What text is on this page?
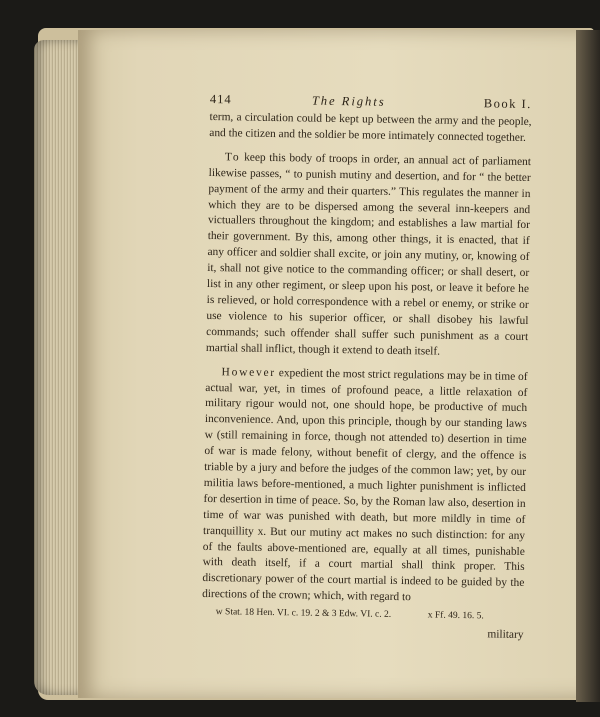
414	The Rights	Book I.

term, a circulation could be kept up between the army and the people, and the citizen and the soldier be more intimately connected together.

To keep this body of troops in order, an annual act of parliament likewise passes, “ to punish mutiny and desertion, and for “ the better payment of the army and their quarters.” This regulates the manner in which they are to be dispersed among the several inn-keepers and victuallers throughout the kingdom; and establishes a law martial for their government. By this, among other things, it is enacted, that if any officer and soldier shall excite, or join any mutiny, or, knowing of it, shall not give notice to the commanding officer; or shall desert, or list in any other regiment, or sleep upon his post, or leave it before he is relieved, or hold correspondence with a rebel or enemy, or strike or use violence to his superior officer, or shall disobey his lawful commands; such offender shall suffer such punishment as a court martial shall inflict, though it extend to death itself.

However expedient the most strict regulations may be in time of actual war, yet, in times of profound peace, a little relaxation of military rigour would not, one should hope, be productive of much inconvenience. And, upon this principle, though by our standing laws w (still remaining in force, though not attended to) desertion in time of war is made felony, without benefit of clergy, and the offence is triable by a jury and before the judges of the common law; yet, by our militia laws before-mentioned, a much lighter punishment is inflicted for desertion in time of peace. So, by the Roman law also, desertion in time of war was punished with death, but more mildly in time of tranquillity x. But our mutiny act makes no such distinction: for any of the faults above-mentioned are, equally at all times, punishable with death itself, if a court martial shall think proper. This discretionary power of the court martial is indeed to be guided by the directions of the crown; which, with regard to

w Stat. 18 Hen. VI. c. 19. 2 & 3 Edw. VI. c. 2.	x Ff. 49. 16. 5.
military
